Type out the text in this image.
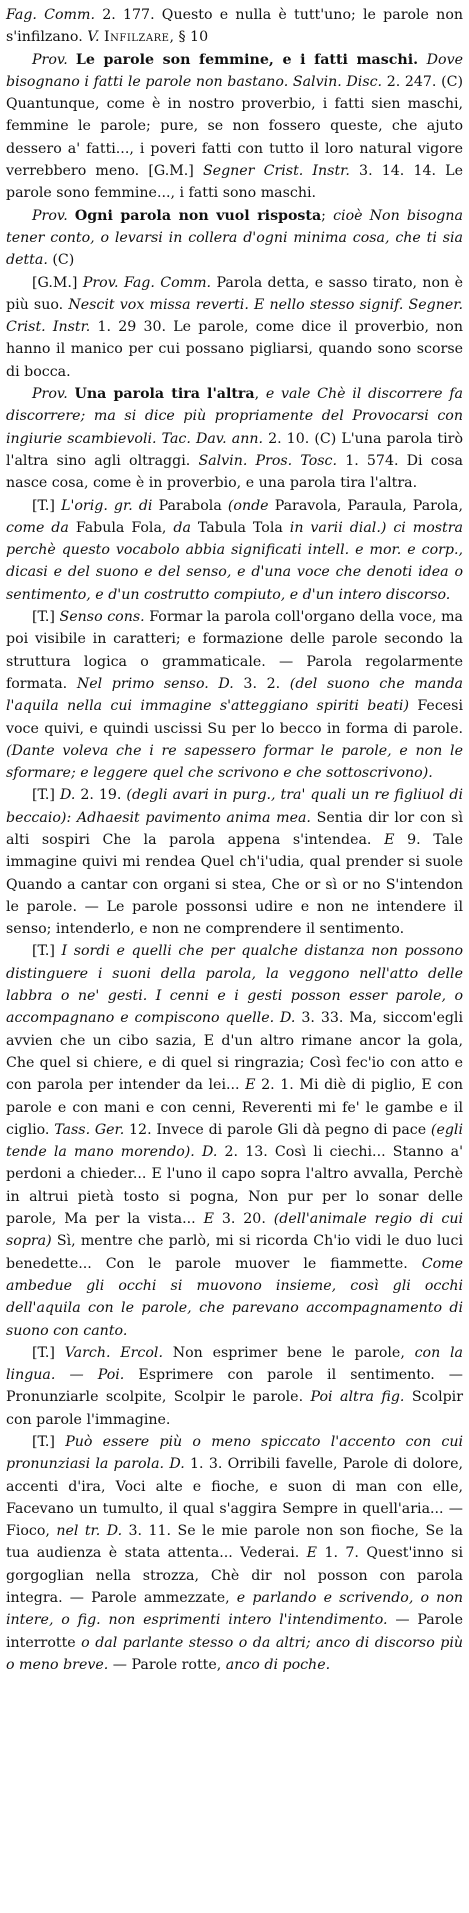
Fag. Comm. 2. 177. Questo e nulla è tutt'uno; le parole non s'infilzano. V. Infilzare, § 10

Prov. Le parole son femmine, e i fatti maschi. Dove bisognano i fatti le parole non bastano. Salvin. Disc. 2. 247. (C) Quantunque, come è in nostro proverbio, i fatti sien maschi, femmine le parole; pure, se non fossero queste, che ajuto dessero a' fatti..., i poveri fatti con tutto il loro natural vigore verrebbero meno. [G.M.] Segner Crist. Instr. 3. 14. 14. Le parole sono femmine..., i fatti sono maschi.

Prov. Ogni parola non vuol risposta; cioè Non bisogna tener conto, o levarsi in collera d'ogni minima cosa, che ti sia detta. (C)

[G.M.] Prov. Fag. Comm. Parola detta, e sasso tirato, non è più suo. Nescit vox missa reverti. E nello stesso signif. Segner. Crist. Instr. 1. 29 30. Le parole, come dice il proverbio, non hanno il manico per cui possano pigliarsi, quando sono scorse di bocca.

Prov. Una parola tira l'altra, e vale Chè il discorrere fa discorrere; ma si dice più propriamente del Provocarsi con ingiurie scambievoli. Tac. Dav. ann. 2. 10. (C) L'una parola tirò l'altra sino agli oltraggi. Salvin. Pros. Tosc. 1. 574. Di cosa nasce cosa, come è in proverbio, e una parola tira l'altra.

[T.] L'orig. gr. di Parabola (onde Paravola, Paraula, Parola, come da Fabula Fola, da Tabula Tola in varii dial.) ci mostra perchè questo vocabolo abbia significati intell. e mor. e corp., dicasi e del suono e del senso, e d'una voce che denoti idea o sentimento, e d'un costrutto compiuto, e d'un intero discorso.

[T.] Senso cons. Formar la parola coll'organo della voce, ma poi visibile in caratteri; e formazione delle parole secondo la struttura logica o grammaticale. — Parola regolarmente formata. Nel primo senso. D. 3. 2. (del suono che manda l'aquila nella cui immagine s'atteggiano spiriti beati) Fecesi voce quivi, e quindi uscissi Su per lo becco in forma di parole. (Dante voleva che i re sapessero formar le parole, e non le sformare; e leggere quel che scrivono e che sottoscrivono).

[T.] D. 2. 19. (degli avari in purg., tra' quali un re figliuol di beccaio): Adhaesit pavimento anima mea. Sentia dir lor con sì alti sospiri Che la parola appena s'intendea. E 9. Tale immagine quivi mi rendea Quel ch'i'udia, qual prender si suole Quando a cantar con organi si stea, Che or sì or no S'intendon le parole. — Le parole possonsi udire e non ne intendere il senso; intenderlo, e non ne comprendere il sentimento.

[T.] I sordi e quelli che per qualche distanza non possono distinguere i suoni della parola, la veggono nell'atto delle labbra o ne' gesti. I cenni e i gesti posson esser parole, o accompagnano e compiscono quelle. D. 3. 33. Ma, siccom'egli avvien che un cibo sazia, E d'un altro rimane ancor la gola, Che quel si chiere, e di quel si ringrazia; Così fec'io con atto e con parola per intender da lei... E 2. 1. Mi diè di piglio, E con parole e con mani e con cenni, Reverenti mi fe' le gambe e il ciglio. Tass. Ger. 12. Invece di parole Gli dà pegno di pace (egli tende la mano morendo). D. 2. 13. Così li ciechi... Stanno a' perdoni a chieder... E l'uno il capo sopra l'altro avvalla, Perchè in altrui pietà tosto si pogna, Non pur per lo sonar delle parole, Ma per la vista... E 3. 20. (dell'animale regio di cui sopra) Sì, mentre che parlò, mi si ricorda Ch'io vidi le duo luci benedette... Con le parole muover le fiammette. Come ambedue gli occhi si muovono insieme, così gli occhi dell'aquila con le parole, che parevano accompagnamento di suono con canto.

[T.] Varch. Ercol. Non esprimer bene le parole, con la lingua. — Poi. Esprimere con parole il sentimento. — Pronunziarle scolpite, Scolpir le parole. Poi altra fig. Scolpir con parole l'immagine.

[T.] Può essere più o meno spiccato l'accento con cui pronunziasi la parola. D. 1. 3. Orribili favelle, Parole di dolore, accenti d'ira, Voci alte e fioche, e suon di man con elle, Facevano un tumulto, il qual s'aggira Sempre in quell'aria... — Fioco, nel tr. D. 3. 11. Se le mie parole non son fioche, Se la tua audienza è stata attenta... Vederai. E 1. 7. Quest'inno si gorgoglian nella strozza, Chè dir nol posson con parola integra. — Parole ammezzate, e parlando e scrivendo, o non intere, o fig. non esprimenti intero l'intendimento. — Parole interrotte o dal parlante stesso o da altri; anco di discorso più o meno breve. — Parole rotte, anco di poche.
